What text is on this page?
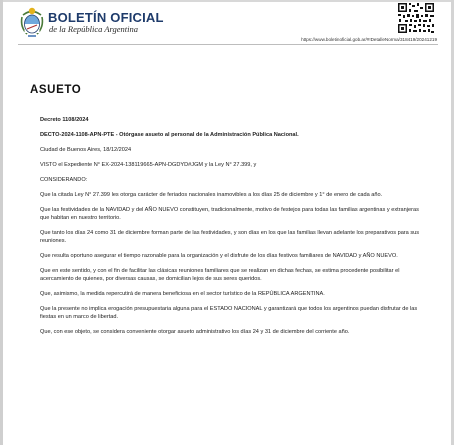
BOLETÍN OFICIAL
de la República Argentina
https://www.boletinoficial.gob.ar/#!DetalleNorma/318419/20241219
ASUETO

Decreto 1108/2024

DECTO-2024-1108-APN-PTE - Otórgase asueto al personal de la Administración Pública Nacional.

Ciudad de Buenos Aires, 18/12/2024

VISTO el Expediente N° EX-2024-138119665-APN-DGDYD#JGM y la Ley N° 27.399, y

CONSIDERANDO:

Que la citada Ley N° 27.399 les otorga carácter de feriados nacionales inamovibles a los días 25 de diciembre y 1° de enero de cada año.

Que las festividades de la NAVIDAD y del AÑO NUEVO constituyen, tradicionalmente, motivo de festejos para todas las familias argentinas y extranjeras que habitan en nuestro territorio.

Que tanto los días 24 como 31 de diciembre forman parte de las festividades, y son días en los que las familias llevan adelante los preparativos para sus reuniones.

Que resulta oportuno asegurar el tiempo razonable para la organización y el disfrute de los días festivos familiares de NAVIDAD y AÑO NUEVO.

Que en este sentido, y con el fin de facilitar las clásicas reuniones familiares que se realizan en dichas fechas, se estima procedente posibilitar el acercamiento de quienes, por diversas causas, se domicilian lejos de sus seres queridos.

Que, asimismo, la medida repercutirá de manera beneficiosa en el sector turístico de la REPÚBLICA ARGENTINA.

Que la presente no implica erogación presupuestaria alguna para el ESTADO NACIONAL y garantizará que todos los argentinos puedan disfrutar de las fiestas en un marco de libertad.

Que, con ese objeto, se considera conveniente otorgar asueto administrativo los días 24 y 31 de diciembre del corriente año.
